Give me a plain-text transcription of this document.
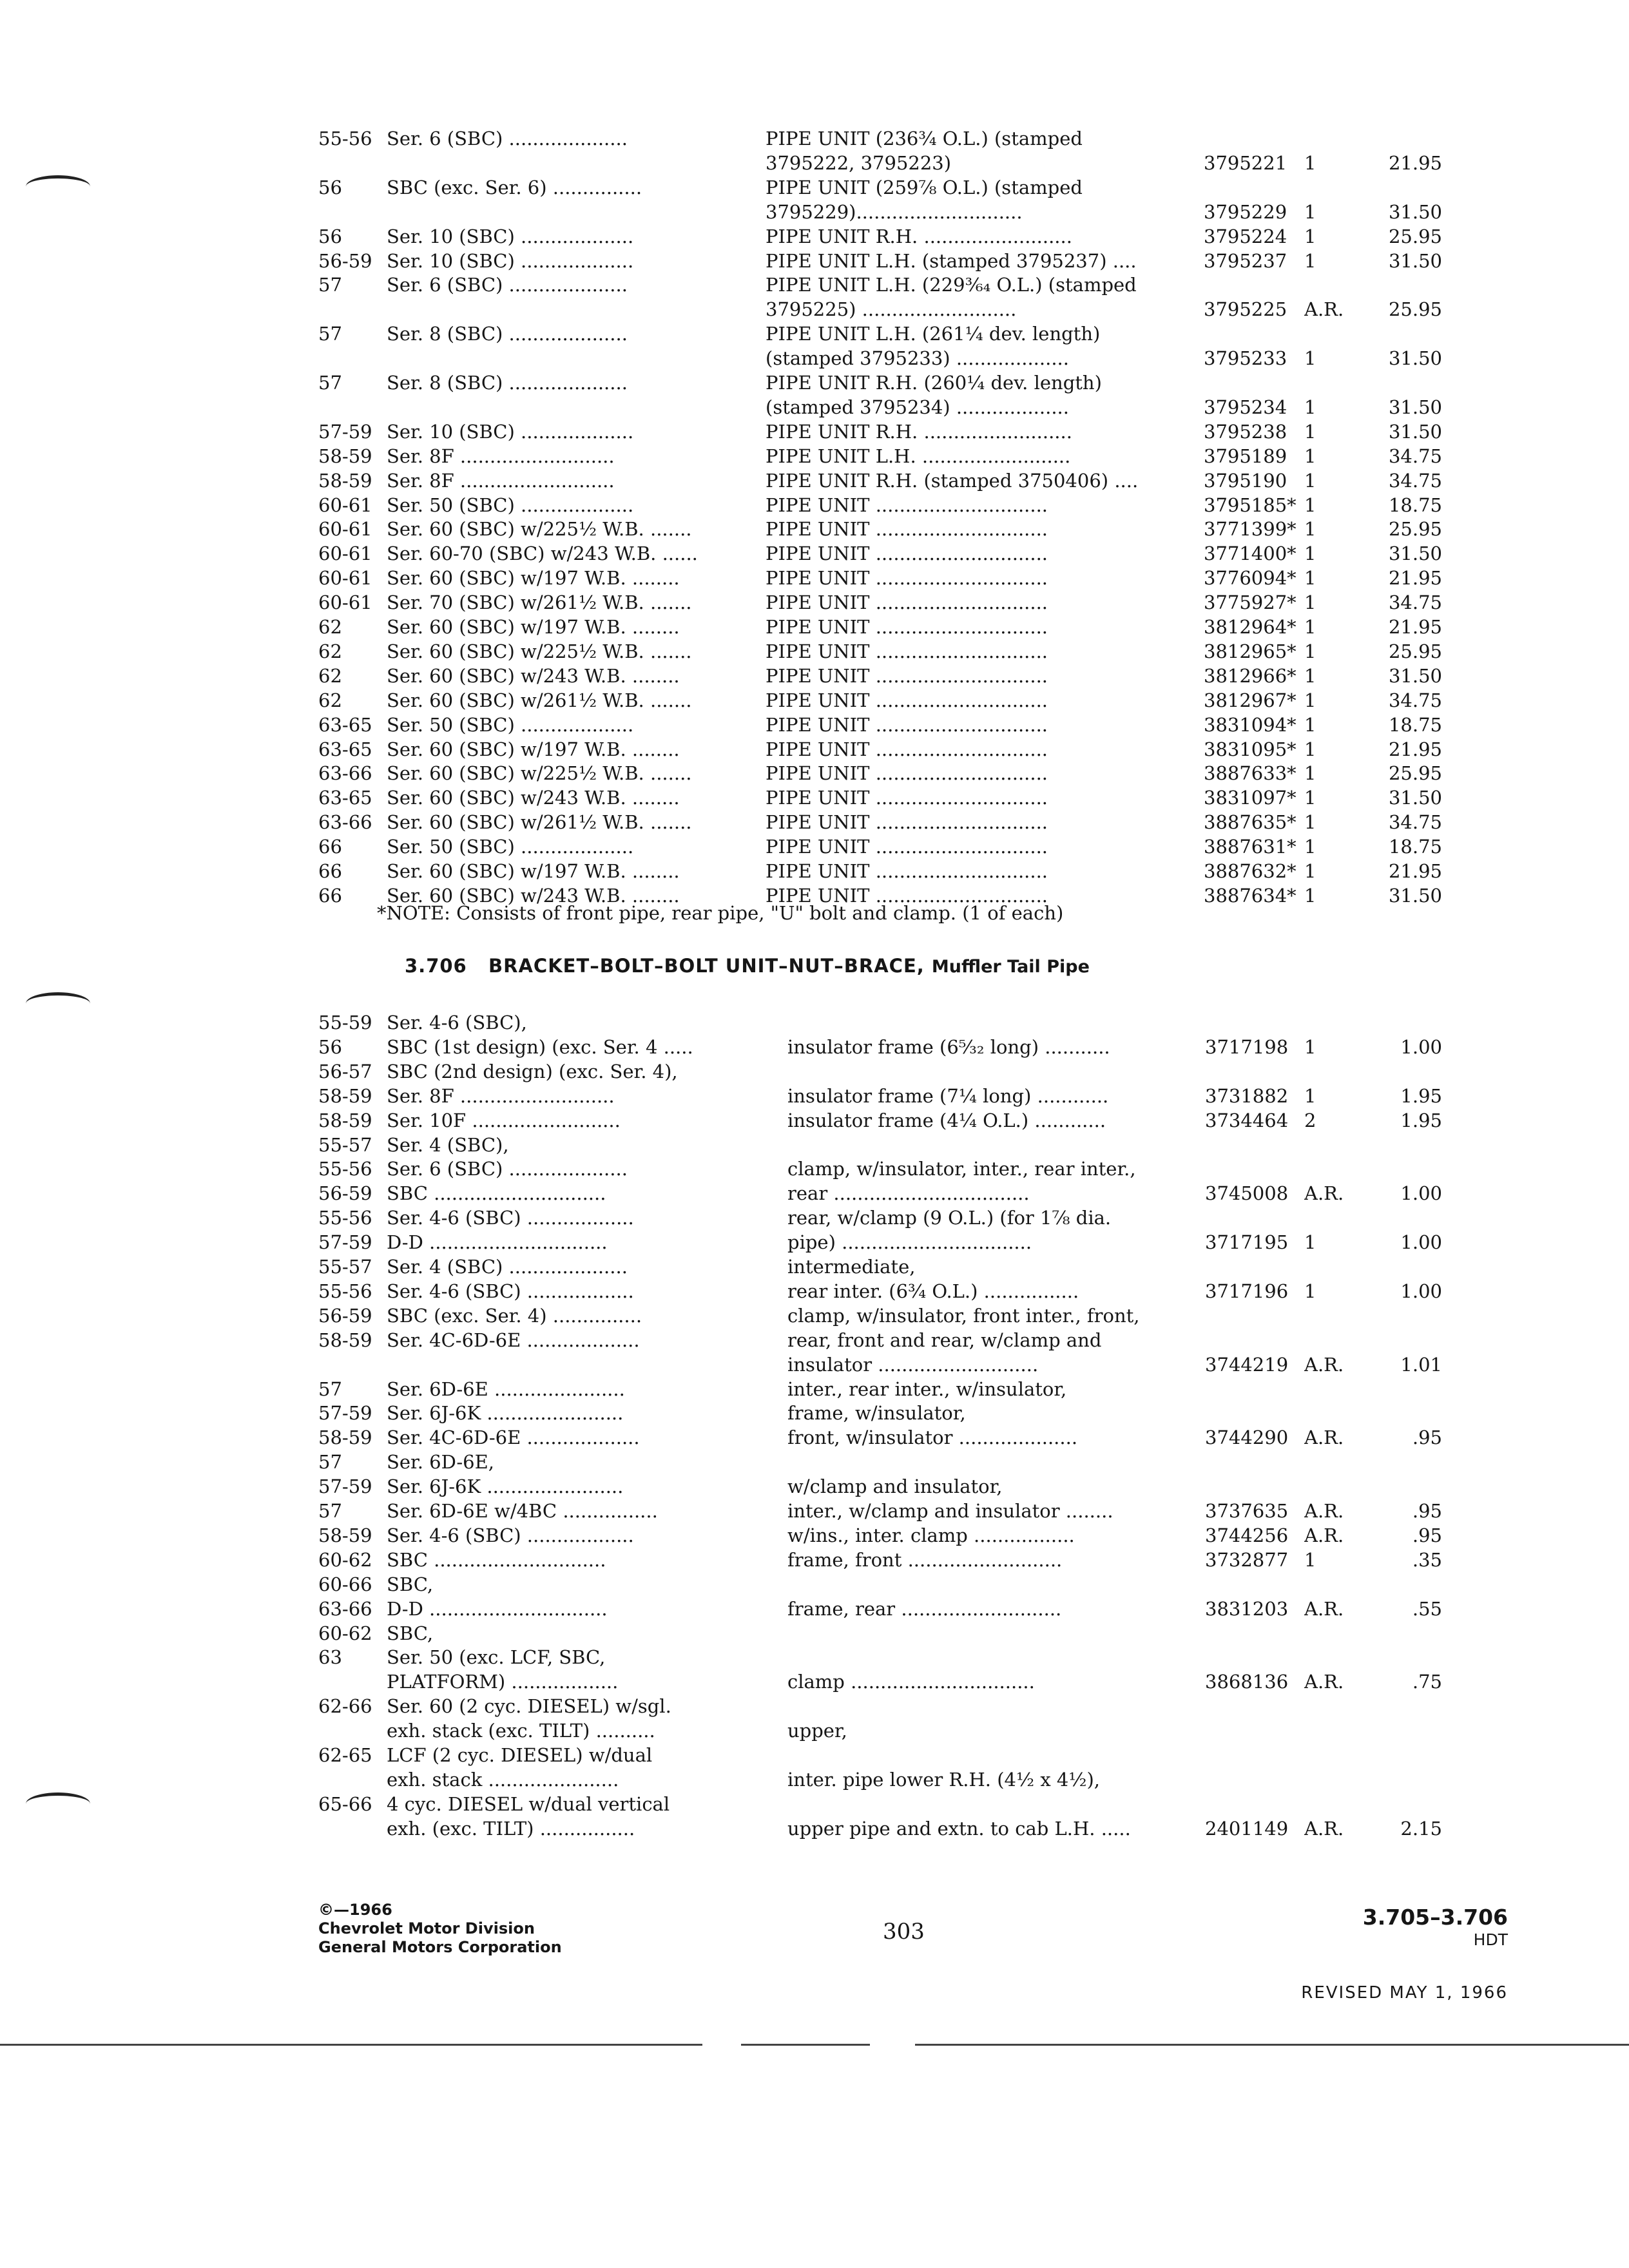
55-56 Ser. 6 (SBC) ....................	PIPE UNIT (236¾ O.L.) (stamped
3795222, 3795223)	3795221 1	21.95
56	SBC (exc. Ser. 6) ...............	PIPE UNIT (259⅞ O.L.) (stamped
3795229)............................	3795229 1	31.50
56	Ser. 10 (SBC) ...................	PIPE UNIT R.H. .........................	3795224 1	25.95
56-59 Ser. 10 (SBC) ...................	PIPE UNIT L.H. (stamped 3795237) ....	3795237 1	31.50
57	Ser. 6 (SBC) ....................	PIPE UNIT L.H. (229³⁄₆₄ O.L.) (stamped
3795225) ..........................	3795225 A.R.	25.95
57	Ser. 8 (SBC) ....................	PIPE UNIT L.H. (261¼ dev. length)
(stamped 3795233) ...................	3795233 1	31.50
57	Ser. 8 (SBC) ....................	PIPE UNIT R.H. (260¼ dev. length)
(stamped 3795234) ...................	3795234 1	31.50
57-59 Ser. 10 (SBC) ...................	PIPE UNIT R.H. .........................	3795238 1	31.50
58-59 Ser. 8F ..........................	PIPE UNIT L.H. .........................	3795189 1	34.75
58-59 Ser. 8F ..........................	PIPE UNIT R.H. (stamped 3750406) ....	3795190 1	34.75
60-61 Ser. 50 (SBC) ...................	PIPE UNIT .............................	3795185* 1	18.75
60-61 Ser. 60 (SBC) w/225½ W.B. .......	PIPE UNIT .............................	3771399* 1	25.95
60-61 Ser. 60-70 (SBC) w/243 W.B. ......	PIPE UNIT .............................	3771400* 1	31.50
60-61 Ser. 60 (SBC) w/197 W.B. ........	PIPE UNIT .............................	3776094* 1	21.95
60-61 Ser. 70 (SBC) w/261½ W.B. .......	PIPE UNIT .............................	3775927* 1	34.75
62	Ser. 60 (SBC) w/197 W.B. ........	PIPE UNIT .............................	3812964* 1	21.95
62	Ser. 60 (SBC) w/225½ W.B. .......	PIPE UNIT .............................	3812965* 1	25.95
62	Ser. 60 (SBC) w/243 W.B. ........	PIPE UNIT .............................	3812966* 1	31.50
62	Ser. 60 (SBC) w/261½ W.B. .......	PIPE UNIT .............................	3812967* 1	34.75
63-65 Ser. 50 (SBC) ...................	PIPE UNIT .............................	3831094* 1	18.75
63-65 Ser. 60 (SBC) w/197 W.B. ........	PIPE UNIT .............................	3831095* 1	21.95
63-66 Ser. 60 (SBC) w/225½ W.B. .......	PIPE UNIT .............................	3887633* 1	25.95
63-65 Ser. 60 (SBC) w/243 W.B. ........	PIPE UNIT .............................	3831097* 1	31.50
63-66 Ser. 60 (SBC) w/261½ W.B. .......	PIPE UNIT .............................	3887635* 1	34.75
66	Ser. 50 (SBC) ...................	PIPE UNIT .............................	3887631* 1	18.75
66	Ser. 60 (SBC) w/197 W.B. ........	PIPE UNIT .............................	3887632* 1	21.95
66	Ser. 60 (SBC) w/243 W.B. ........	PIPE UNIT .............................	3887634* 1	31.50
*NOTE: Consists of front pipe, rear pipe, "U" bolt and clamp. (1 of each)
3.706 BRACKET–BOLT–BOLT UNIT–NUT–BRACE, Muffler Tail Pipe
55-59 Ser. 4-6 (SBC),
56	SBC (1st design) (exc. Ser. 4 .....	insulator frame (6⁵⁄₃₂ long) ...........	3717198 1	1.00
56-57 SBC (2nd design) (exc. Ser. 4),
58-59 Ser. 8F ..........................	insulator frame (7¼ long) ............	3731882 1	1.95
58-59 Ser. 10F .........................	insulator frame (4¼ O.L.) ............	3734464 2	1.95
55-57 Ser. 4 (SBC),
55-56 Ser. 6 (SBC) ....................	clamp, w/insulator, inter., rear inter.,
56-59 SBC .............................	rear .................................	3745008 A.R.	1.00
55-56 Ser. 4-6 (SBC) ..................	rear, w/clamp (9 O.L.) (for 1⅞ dia.
57-59 D-D ..............................	pipe) ................................	3717195 1	1.00
55-57 Ser. 4 (SBC) ....................	intermediate,
55-56 Ser. 4-6 (SBC) ..................	rear inter. (6¾ O.L.) ................	3717196 1	1.00
56-59 SBC (exc. Ser. 4) ...............	clamp, w/insulator, front inter., front,
58-59 Ser. 4C-6D-6E ...................	rear, front and rear, w/clamp and
insulator ...........................	3744219 A.R.	1.01
57	Ser. 6D-6E ......................	inter., rear inter., w/insulator,
57-59 Ser. 6J-6K .......................	frame, w/insulator,
58-59 Ser. 4C-6D-6E ...................	front, w/insulator ....................	3744290 A.R.	.95
57	Ser. 6D-6E,
57-59 Ser. 6J-6K .......................	w/clamp and insulator,
57	Ser. 6D-6E w/4BC ................	inter., w/clamp and insulator ........	3737635 A.R.	.95
58-59 Ser. 4-6 (SBC) ..................	w/ins., inter. clamp .................	3744256 A.R.	.95
60-62 SBC .............................	frame, front ..........................	3732877 1	.35
60-66 SBC,
63-66 D-D ..............................	frame, rear ...........................	3831203 A.R.	.55
60-62 SBC,
63	Ser. 50 (exc. LCF, SBC,
PLATFORM) ..................	clamp ...............................	3868136 A.R.	.75
62-66 Ser. 60 (2 cyc. DIESEL) w/sgl.
exh. stack (exc. TILT) ..........	upper,
62-65 LCF (2 cyc. DIESEL) w/dual
exh. stack ......................	inter. pipe lower R.H. (4½ x 4½),
65-66 4 cyc. DIESEL w/dual vertical
exh. (exc. TILT) ................	upper pipe and extn. to cab L.H. .....	2401149 A.R.	2.15
©—1966
Chevrolet Motor Division
General Motors Corporation
303
3.705–3.706
HDT
REVISED MAY 1, 1966
